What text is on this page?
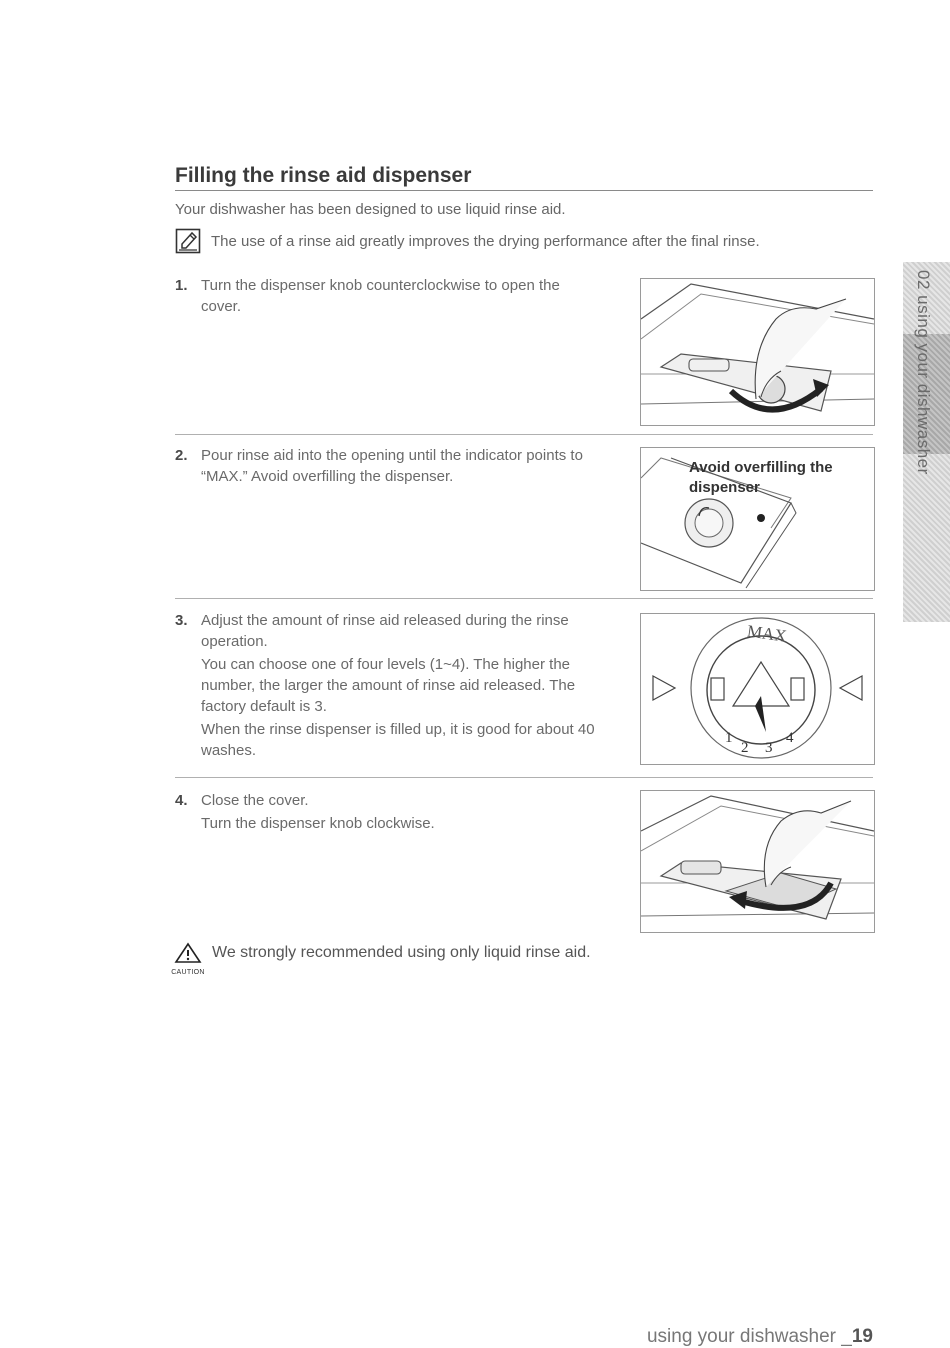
Filling the rinse aid dispenser
Your dishwasher has been designed to use liquid rinse aid.
The use of a rinse aid greatly improves the drying performance after the final rinse.
1. Turn the dispenser knob counterclockwise to open the cover.

2. Pour rinse aid into the opening until the indicator points to “MAX.” Avoid overfilling the dispenser.

Avoid overfilling the
dispenser
3. Adjust the amount of rinse aid released during the rinse operation.

You can choose one of four levels (1~4). The higher the number, the larger the amount of rinse aid released. The factory default is 3.

When the rinse dispenser is filled up, it is good for about 40 washes.

MAX
1
2 3
4
4. Close the cover.

Turn the dispenser knob clockwise.

CAUTION
We strongly recommended using only liquid rinse aid.
02 using your dishwasher
using your dishwasher _19
